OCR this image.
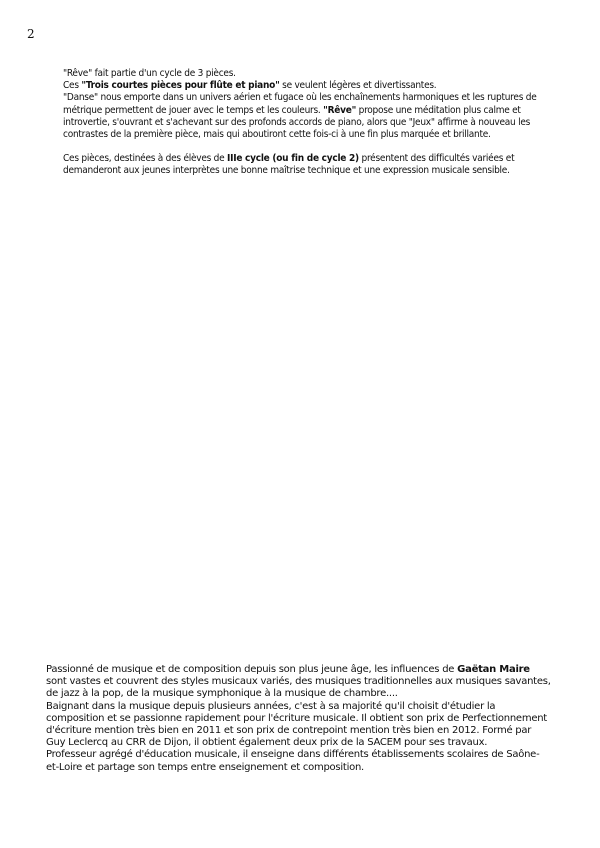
2

"Rêve" fait partie d'un cycle de 3 pièces.

Ces "Trois courtes pièces pour flûte et piano" se veulent légères et divertissantes.

"Danse" nous emporte dans un univers aérien et fugace où les enchaînements harmoniques et les ruptures de métrique permettent de jouer avec le temps et les couleurs. "Rêve" propose une méditation plus calme et introvertie, s'ouvrant et s'achevant sur des profonds accords de piano, alors que "Jeux" affirme à nouveau les contrastes de la première pièce, mais qui aboutiront cette fois-ci à une fin plus marquée et brillante.

Ces pièces, destinées à des élèves de IIIe cycle (ou fin de cycle 2) présentent des difficultés variées et demanderont aux jeunes interprètes une bonne maîtrise technique et une expression musicale sensible.

Passionné de musique et de composition depuis son plus jeune âge, les influences de Gaëtan Maire sont vastes et couvrent des styles musicaux variés, des musiques traditionnelles aux musiques savantes, de jazz à la pop, de la musique symphonique à la musique de chambre....

Baignant dans la musique depuis plusieurs années, c'est à sa majorité qu'il choisit d'étudier la composition et se passionne rapidement pour l'écriture musicale. Il obtient son prix de Perfectionnement d'écriture mention très bien en 2011 et son prix de contrepoint mention très bien en 2012. Formé par Guy Leclercq au CRR de Dijon, il obtient également deux prix de la SACEM pour ses travaux.

Professeur agrégé d'éducation musicale, il enseigne dans différents établissements scolaires de Saône-et-Loire et partage son temps entre enseignement et composition.
